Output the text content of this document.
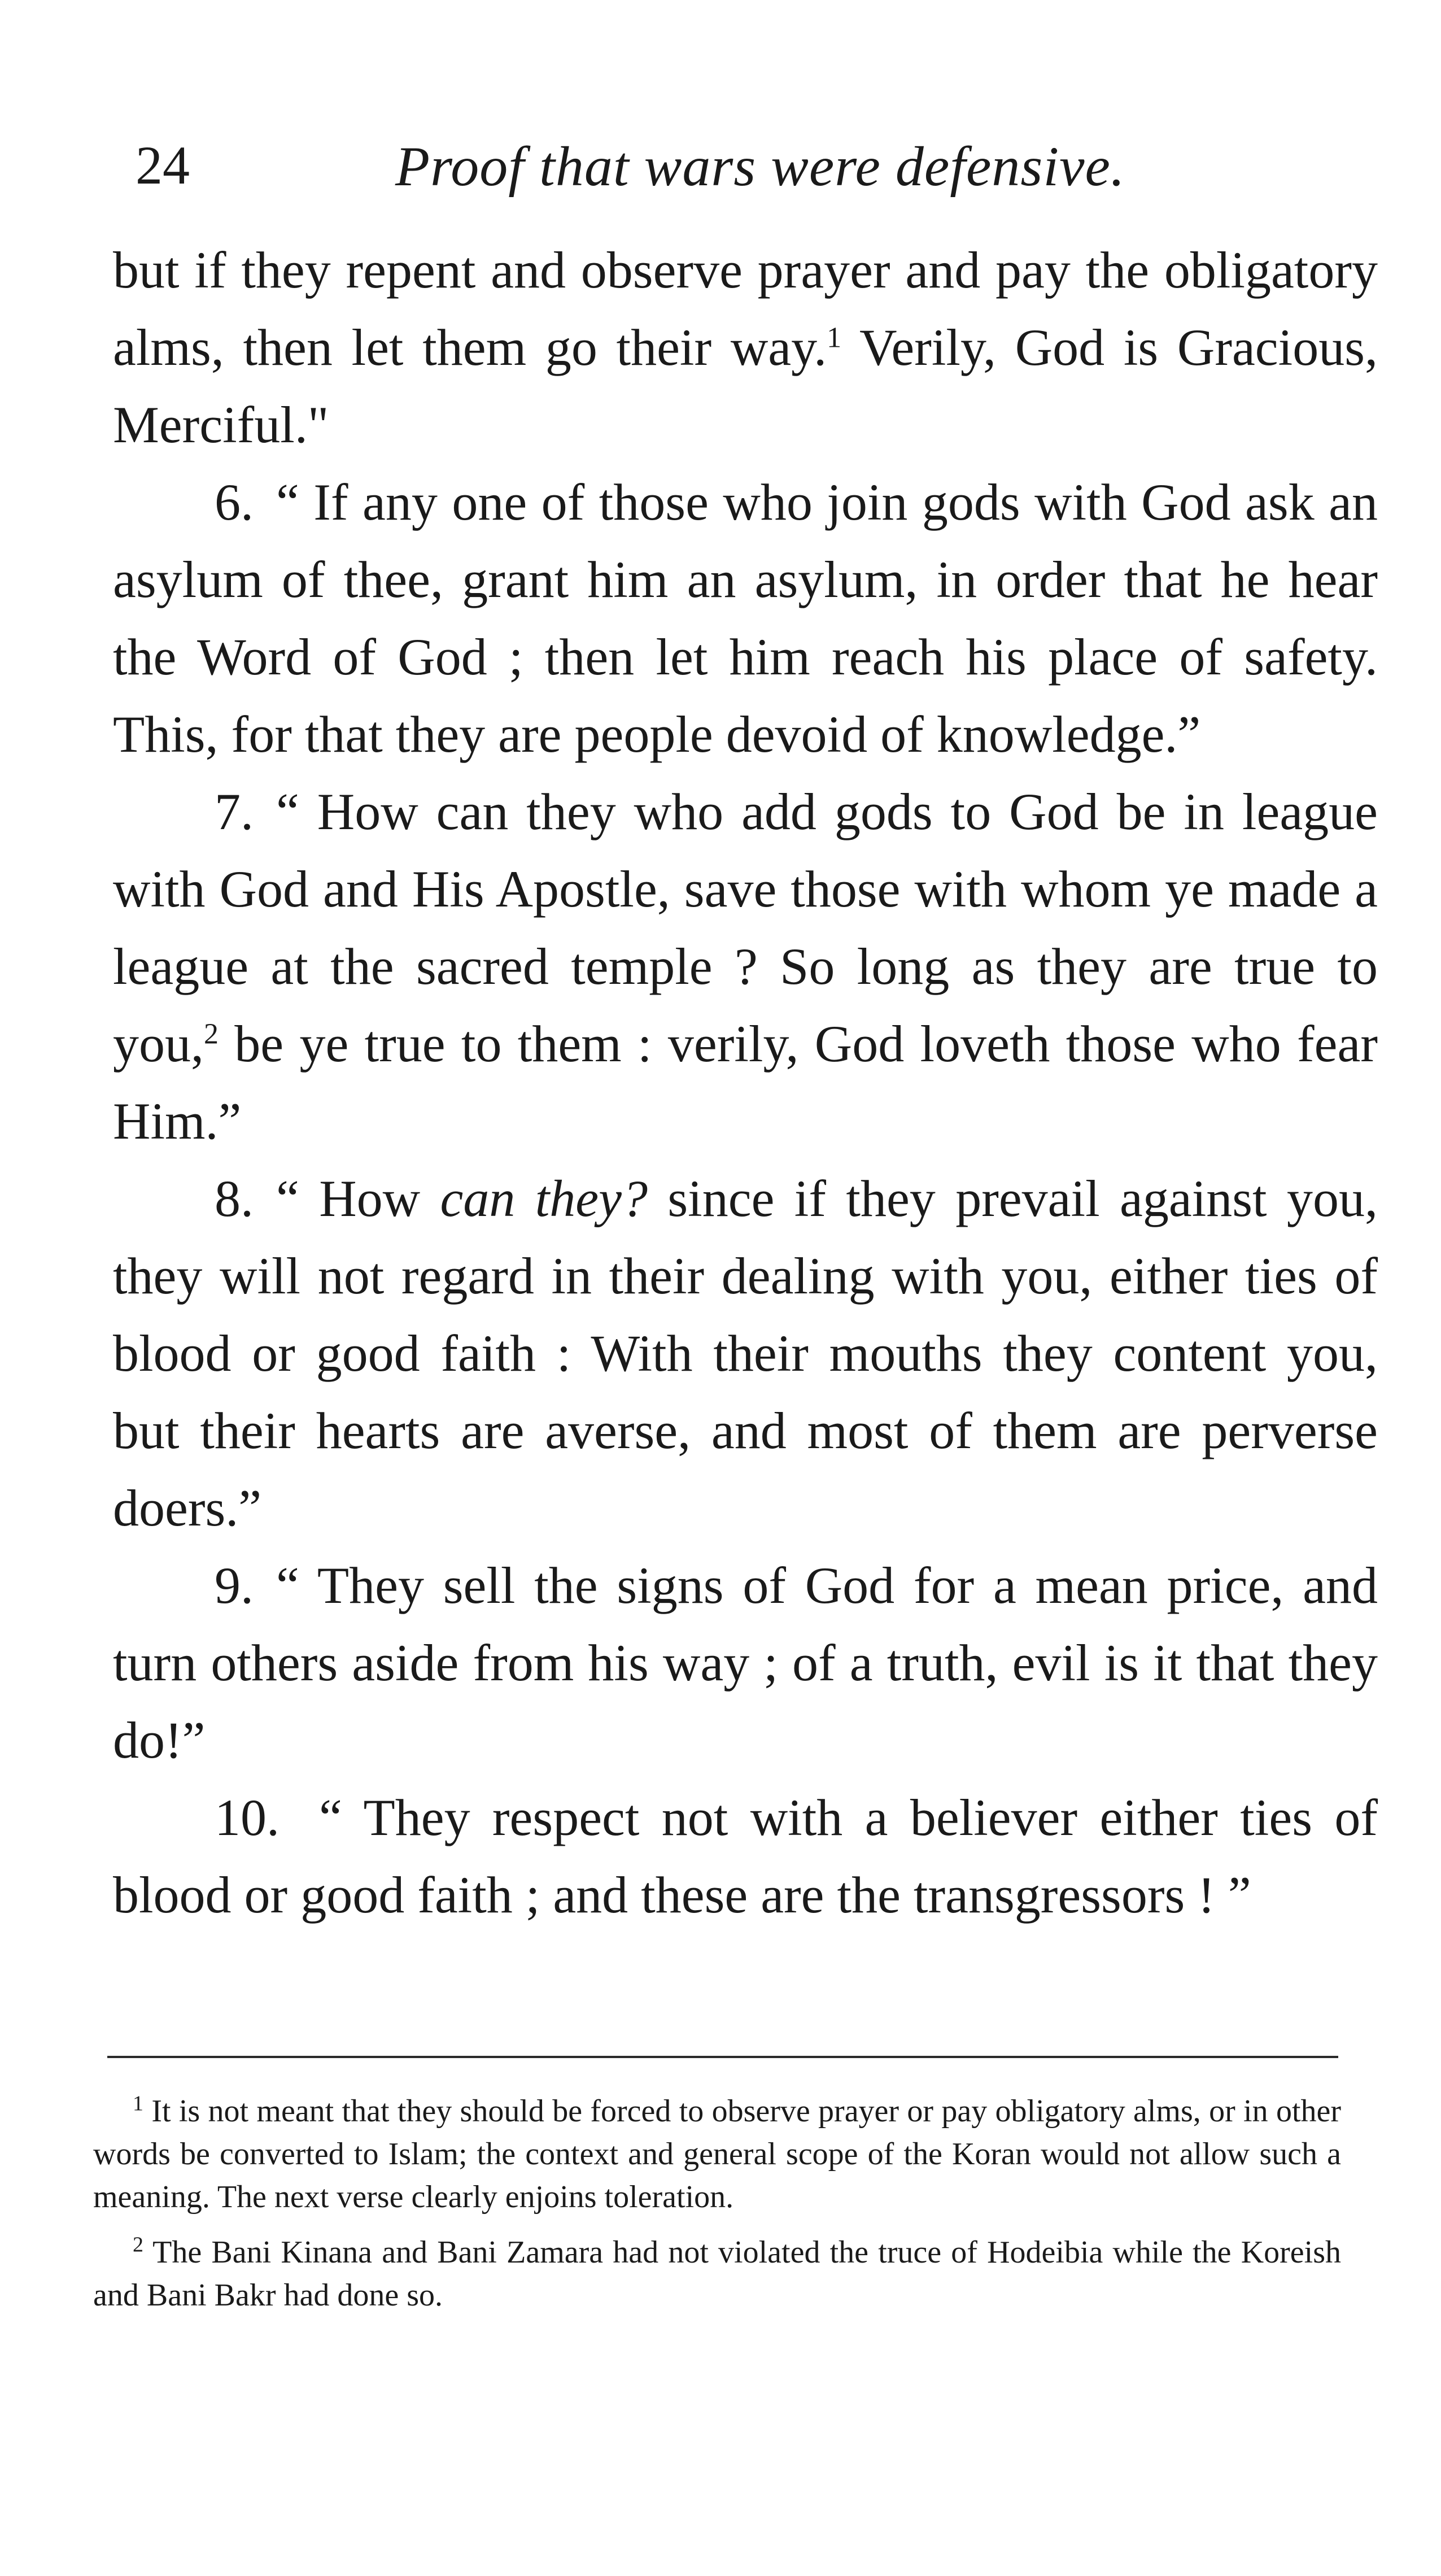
24	Proof that wars were defensive.

but if they repent and observe prayer and pay the obligatory alms, then let them go their way.$^1$ Verily, God is Gracious, Merciful."

6. “ If any one of those who join gods with God ask an asylum of thee, grant him an asylum, in order that he hear the Word of God ; then let him reach his place of safety. This, for that they are people devoid of knowledge.”

7. “ How can they who add gods to God be in league with God and His Apostle, save those with whom ye made a league at the sacred temple ? So long as they are true to you,$^2$ be ye true to them : verily, God loveth those who fear Him.”

8. “ How can they? since if they prevail against you, they will not regard in their dealing with you, either ties of blood or good faith : With their mouths they content you, but their hearts are averse, and most of them are perverse doers.”

9. “ They sell the signs of God for a mean price, and turn others aside from his way ; of a truth, evil is it that they do!”

10. “ They respect not with a believer either ties of blood or good faith ; and these are the transgressors ! ”

$^1$ It is not meant that they should be forced to observe prayer or pay obligatory alms, or in other words be converted to Islam; the context and general scope of the Koran would not allow such a meaning. The next verse clearly enjoins toleration.

$^2$ The Bani Kinana and Bani Zamara had not violated the truce of Hodeibia while the Koreish and Bani Bakr had done so.
